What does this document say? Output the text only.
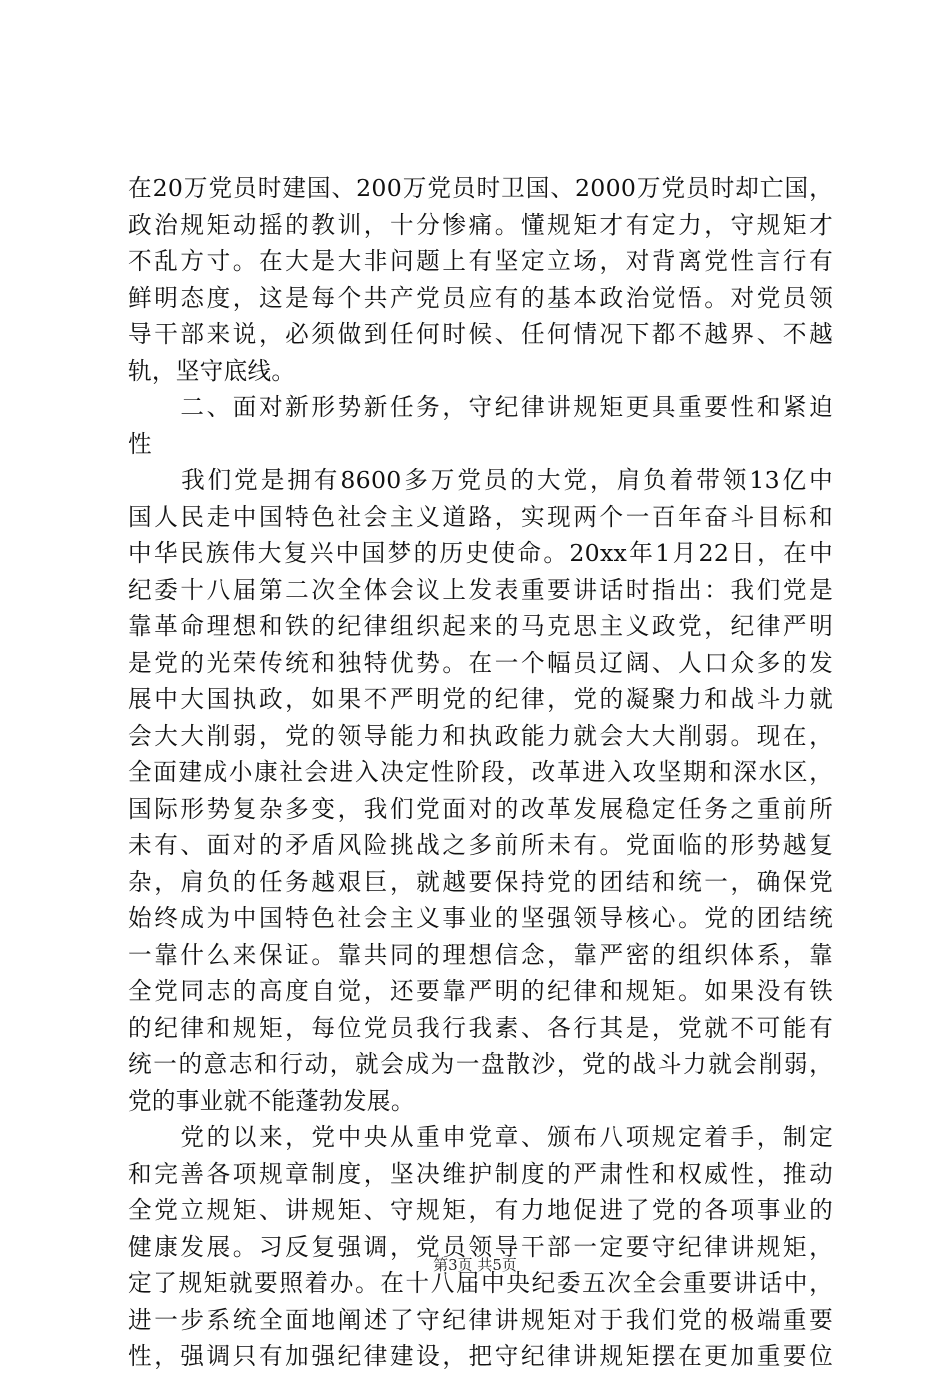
在20万党员时建国、200万党员时卫国、2000万党员时却亡国，
政治规矩动摇的教训，十分惨痛。懂规矩才有定力，守规矩才
不乱方寸。在大是大非问题上有坚定立场，对背离党性言行有
鲜明态度，这是每个共产党员应有的基本政治觉悟。对党员领
导干部来说，必须做到任何时候、任何情况下都不越界、不越
轨，坚守底线。
　　二、面对新形势新任务，守纪律讲规矩更具重要性和紧迫
性
　　我们党是拥有8600多万党员的大党，肩负着带领13亿中
国人民走中国特色社会主义道路，实现两个一百年奋斗目标和
中华民族伟大复兴中国梦的历史使命。20xx年1月22日，在中
纪委十八届第二次全体会议上发表重要讲话时指出：我们党是
靠革命理想和铁的纪律组织起来的马克思主义政党，纪律严明
是党的光荣传统和独特优势。在一个幅员辽阔、人口众多的发
展中大国执政，如果不严明党的纪律，党的凝聚力和战斗力就
会大大削弱，党的领导能力和执政能力就会大大削弱。现在，
全面建成小康社会进入决定性阶段，改革进入攻坚期和深水区，
国际形势复杂多变，我们党面对的改革发展稳定任务之重前所
未有、面对的矛盾风险挑战之多前所未有。党面临的形势越复
杂，肩负的任务越艰巨，就越要保持党的团结和统一，确保党
始终成为中国特色社会主义事业的坚强领导核心。党的团结统
一靠什么来保证。靠共同的理想信念，靠严密的组织体系，靠
全党同志的高度自觉，还要靠严明的纪律和规矩。如果没有铁
的纪律和规矩，每位党员我行我素、各行其是，党就不可能有
统一的意志和行动，就会成为一盘散沙，党的战斗力就会削弱，
党的事业就不能蓬勃发展。
　　党的以来，党中央从重申党章、颁布八项规定着手，制定
和完善各项规章制度，坚决维护制度的严肃性和权威性，推动
全党立规矩、讲规矩、守规矩，有力地促进了党的各项事业的
健康发展。习反复强调，党员领导干部一定要守纪律讲规矩，
定了规矩就要照着办。在十八届中央纪委五次全会重要讲话中，
进一步系统全面地阐述了守纪律讲规矩对于我们党的极端重要
性，强调只有加强纪律建设，把守纪律讲规矩摆在更加重要位
第3页 共5页
